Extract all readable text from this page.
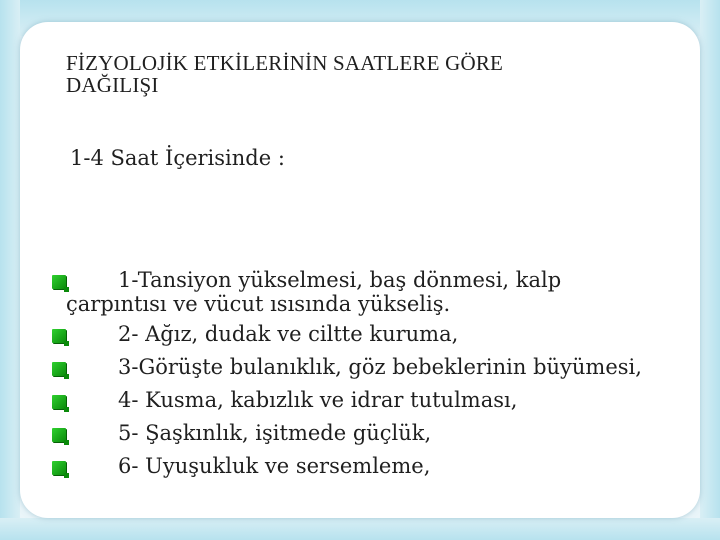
FİZYOLOJİK ETKİLERİNİN SAATLERE GÖRE
DAĞILIŞI
1-4 Saat İçerisinde :
1-Tansiyon yükselmesi, baş dönmesi, kalp
çarpıntısı ve vücut ısısında yükseliş.
2- Ağız, dudak ve ciltte kuruma,
3-Görüşte bulanıklık, göz bebeklerinin büyümesi,
4- Kusma, kabızlık ve idrar tutulması,
5- Şaşkınlık, işitmede güçlük,
6- Uyuşukluk ve sersemleme,
